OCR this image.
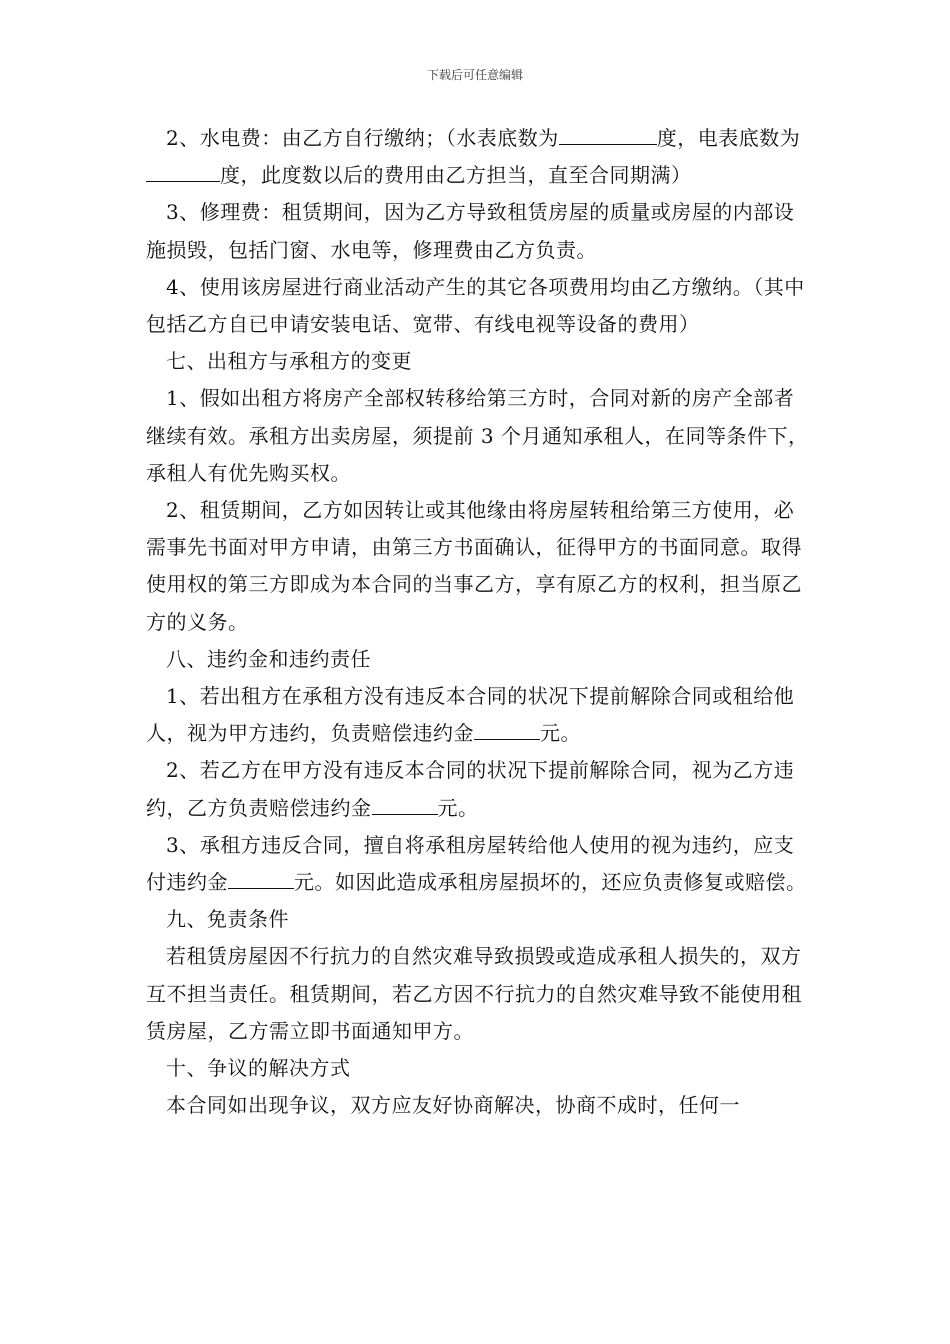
下载后可任意编辑

2、水电费：由乙方自行缴纳；（水表底数为	度，电表底数为度，此度数以后的费用由乙方担当，直至合同期满）

3、修理费：租赁期间，因为乙方导致租赁房屋的质量或房屋的内部设施损毁，包括门窗、水电等，修理费由乙方负责。

4、使用该房屋进行商业活动产生的其它各项费用均由乙方缴纳。（其中包括乙方自已申请安装电话、宽带、有线电视等设备的费用）

七、出租方与承租方的变更

1、假如出租方将房产全部权转移给第三方时，合同对新的房产全部者继续有效。承租方出卖房屋，须提前 3 个月通知承租人，在同等条件下，承租人有优先购买权。

2、租赁期间，乙方如因转让或其他缘由将房屋转租给第三方使用，必需事先书面对甲方申请，由第三方书面确认，征得甲方的书面同意。取得使用权的第三方即成为本合同的当事乙方，享有原乙方的权利，担当原乙方的义务。

八、违约金和违约责任

1、若出租方在承租方没有违反本合同的状况下提前解除合同或租给他人，视为甲方违约，负责赔偿违约金	元。

2、若乙方在甲方没有违反本合同的状况下提前解除合同，视为乙方违约，乙方负责赔偿违约金	元。

3、承租方违反合同，擅自将承租房屋转给他人使用的视为违约，应支付违约金	元。如因此造成承租房屋损坏的，还应负责修复或赔偿。

九、免责条件

若租赁房屋因不行抗力的自然灾难导致损毁或造成承租人损失的，双方互不担当责任。租赁期间，若乙方因不行抗力的自然灾难导致不能使用租赁房屋，乙方需立即书面通知甲方。

十、争议的解决方式

本合同如出现争议，双方应友好协商解决，协商不成时，任何一
